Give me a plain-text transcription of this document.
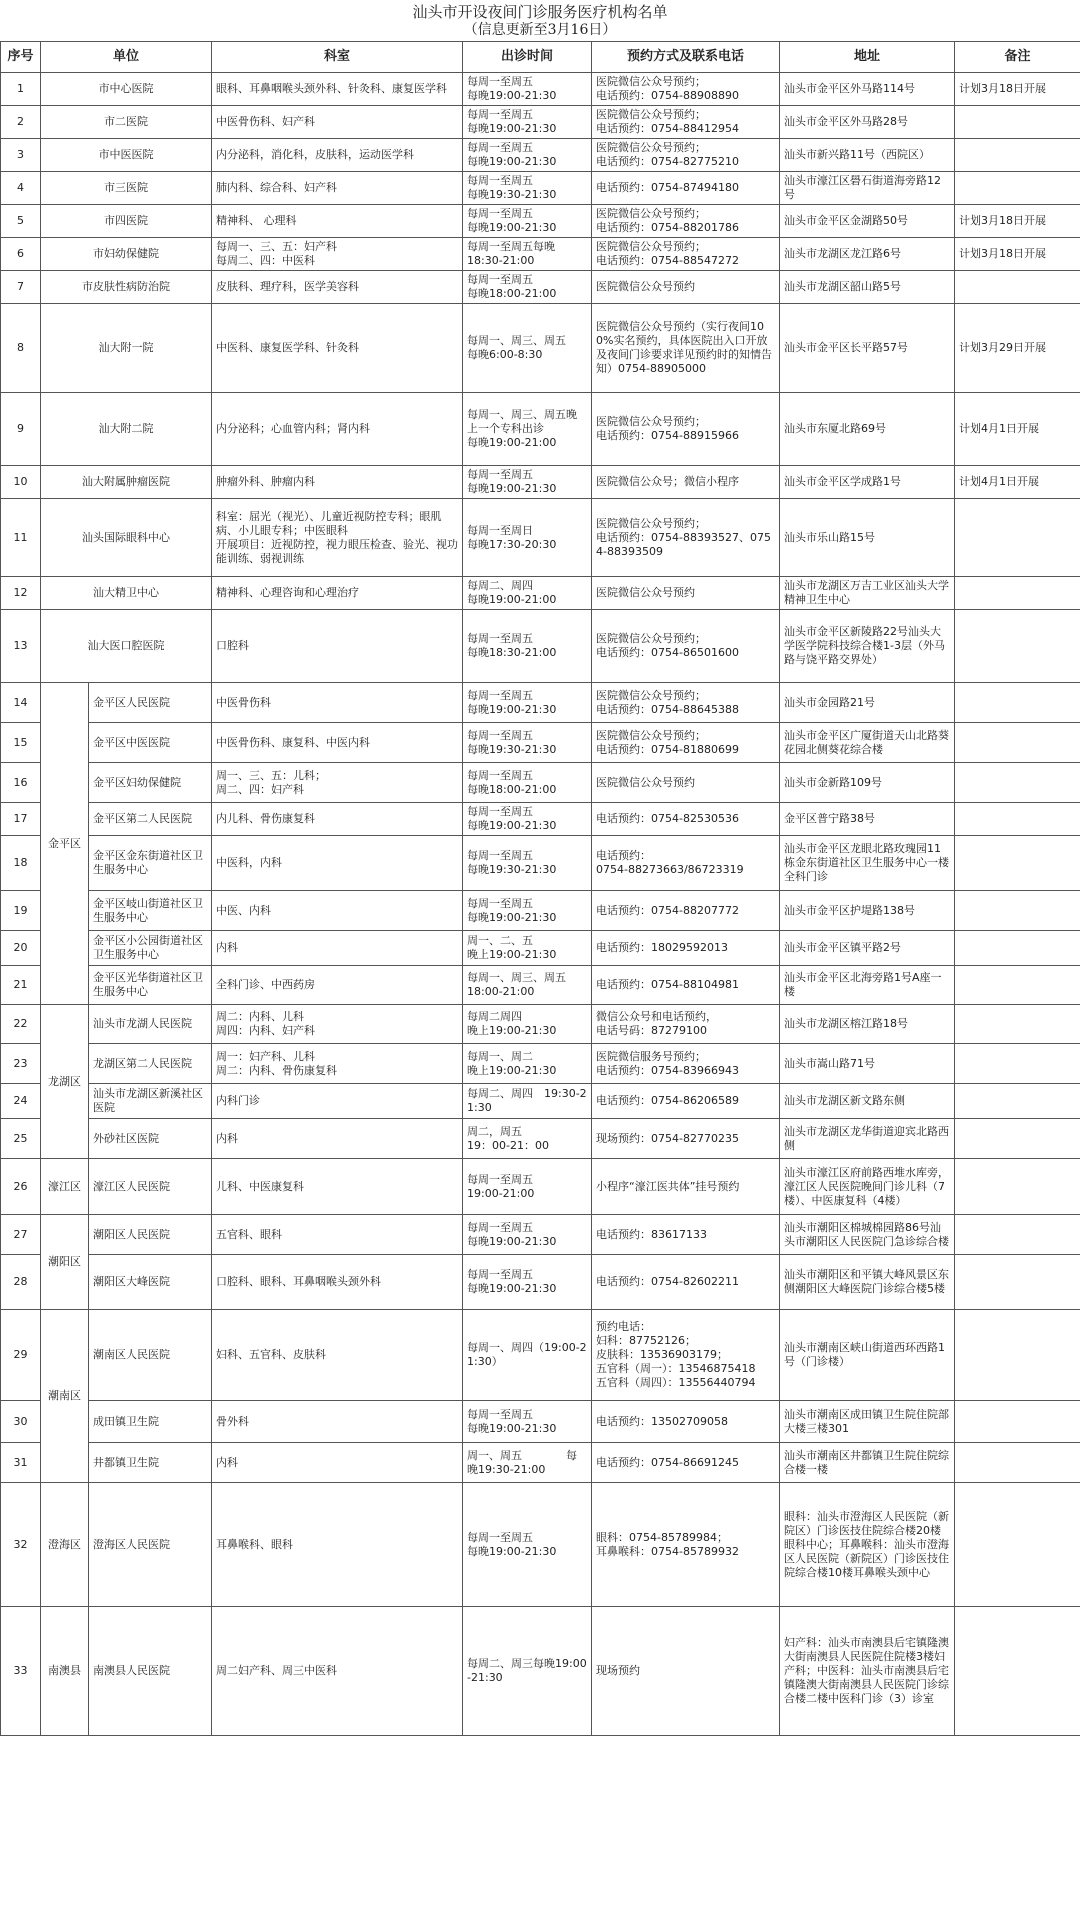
汕头市开设夜间门诊服务医疗机构名单
（信息更新至3月16日）
序号	单位		科室	出诊时间	预约方式及联系电话	地址	备注
1	市中心医院		眼科、耳鼻咽喉头颈外科、针灸科、康复医学科	每周一至周五
每晚19:00-21:30	医院微信公众号预约；
电话预约：0754-88908890	汕头市金平区外马路114号	计划3月18日开展
2	市二医院		中医骨伤科、妇产科	每周一至周五
每晚19:00-21:30	医院微信公众号预约；
电话预约：0754-88412954	汕头市金平区外马路28号	
3	市中医医院		内分泌科，消化科，皮肤科，运动医学科	每周一至周五
每晚19:00-21:30	医院微信公众号预约；
电话预约：0754-82775210	汕头市新兴路11号（西院区）	
4	市三医院		肺内科、综合科、妇产科	每周一至周五
每晚19:30-21:30	电话预约：0754-87494180	汕头市濠江区礐石街道海旁路12号	
5	市四医院		精神科、 心理科	每周一至周五
每晚19:00-21:30	医院微信公众号预约；
电话预约：0754-88201786	汕头市金平区金湖路50号	计划3月18日开展
6	市妇幼保健院		每周一、三、五：妇产科
每周二、四：中医科	每周一至周五每晚
18:30-21:00	医院微信公众号预约；
电话预约：0754-88547272	汕头市龙湖区龙江路6号	计划3月18日开展
7	市皮肤性病防治院		皮肤科、理疗科，医学美容科	每周一至周五
每晚18:00-21:00	医院微信公众号预约	汕头市龙湖区韶山路5号	
8	汕大附一院		中医科、康复医学科、针灸科	每周一、周三、周五
每晚6:00-8:30	医院微信公众号预约（实行夜间100%实名预约，具体医院出入口开放及夜间门诊要求详见预约时的知情告知）0754-88905000	汕头市金平区长平路57号	计划3月29日开展
9	汕大附二院		内分泌科；心血管内科；肾内科	每周一、周三、周五晚上一个专科出诊
每晚19:00-21:00	医院微信公众号预约；
电话预约：0754-88915966	汕头市东厦北路69号	计划4月1日开展
10	汕大附属肿瘤医院		肿瘤外科、肿瘤内科	每周一至周五
每晚19:00-21:30	医院微信公众号；微信小程序	汕头市金平区学成路1号	计划4月1日开展
11	汕头国际眼科中心		科室：屈光（视光）、儿童近视防控专科；眼肌病、小儿眼专科；中医眼科
开展项目：近视防控，视力眼压检查、验光、视功能训练、弱视训练	每周一至周日
每晚17:30-20:30	医院微信公众号预约；
电话预约：0754-88393527、0754-88393509	汕头市乐山路15号	
12	汕大精卫中心		精神科、心理咨询和心理治疗	每周二、周四
每晚19:00-21:00	医院微信公众号预约	汕头市龙湖区万吉工业区汕头大学精神卫生中心	
13	汕大医口腔医院		口腔科	每周一至周五
每晚18:30-21:00	医院微信公众号预约；
电话预约：0754-86501600	汕头市金平区新陵路22号汕头大学医学院科技综合楼1-3层（外马路与饶平路交界处）	
14	金平区	金平区人民医院	中医骨伤科	每周一至周五
每晚19:00-21:30	医院微信公众号预约；
电话预约：0754-88645388	汕头市金园路21号	
15		金平区中医医院	中医骨伤科、康复科、中医内科	每周一至周五
每晚19:30-21:30	医院微信公众号预约；
电话预约：0754-81880699	汕头市金平区广厦街道天山北路葵花园北侧葵花综合楼	
16		金平区妇幼保健院	周一、三、五：儿科；
周二、四：妇产科	每周一至周五
每晚18:00-21:00	医院微信公众号预约	汕头市金新路109号	
17		金平区第二人民医院	内儿科、骨伤康复科	每周一至周五
每晚19:00-21:30	电话预约：0754-82530536	金平区普宁路38号	
18		金平区金东街道社区卫生服务中心	中医科，内科	每周一至周五
每晚19:30-21:30	电话预约：
0754-88273663/86723319	汕头市金平区龙眼北路玫瑰园11栋金东街道社区卫生服务中心一楼全科门诊	
19		金平区岐山街道社区卫生服务中心	中医、内科	每周一至周五
每晚19:00-21:30	电话预约：0754-88207772	汕头市金平区护堤路138号	
20		金平区小公园街道社区卫生服务中心	内科	周一、二、五
晚上19:00-21:30	电话预约：18029592013	汕头市金平区镇平路2号	
21		金平区光华街道社区卫生服务中心	全科门诊、中西药房	每周一、周三、周五
18:00-21:00	电话预约：0754-88104981	汕头市金平区北海旁路1号A座一楼	
22	龙湖区	汕头市龙湖人民医院	周二：内科、儿科
周四：内科、妇产科	每周二周四
晚上19:00-21:30	微信公众号和电话预约，
电话号码：87279100	汕头市龙湖区榕江路18号	
23		龙湖区第二人民医院	周一：妇产科、儿科
周二：内科、骨伤康复科	每周一、周二
晚上19:00-21:30	医院微信服务号预约；
电话预约：0754-83966943	汕头市嵩山路71号	
24		汕头市龙湖区新溪社区医院	内科门诊	每周二、周四　19:30-21:30	电话预约：0754-86206589	汕头市龙湖区新文路东侧	
25		外砂社区医院	内科	周二，周五
19：00-21：00	现场预约：0754-82770235	汕头市龙湖区龙华街道迎宾北路西侧	
26	濠江区	濠江区人民医院	儿科、中医康复科	每周一至周五
19:00-21:00	小程序“濠江医共体”挂号预约	汕头市濠江区府前路西堆水库旁，濠江区人民医院晚间门诊儿科（7楼）、中医康复科（4楼）	
27	潮阳区	潮阳区人民医院	五官科、眼科	每周一至周五
每晚19:00-21:30	电话预约：83617133	汕头市潮阳区棉城棉园路86号汕头市潮阳区人民医院门急诊综合楼	
28		潮阳区大峰医院	口腔科、眼科、耳鼻咽喉头颈外科	每周一至周五
每晚19:00-21:30	电话预约：0754-82602211	汕头市潮阳区和平镇大峰风景区东侧潮阳区大峰医院门诊综合楼5楼	
29	潮南区	潮南区人民医院	妇科、五官科、皮肤科	每周一、周四（19:00-21:30）	预约电话：
妇科：87752126；
皮肤科：13536903179；
五官科（周一）：13546875418
五官科（周四）：13556440794	汕头市潮南区峡山街道西环西路1号（门诊楼）	
30		成田镇卫生院	骨外科	每周一至周五
每晚19:00-21:30	电话预约：13502709058	汕头市潮南区成田镇卫生院住院部大楼三楼301	
31		井都镇卫生院	内科	周一、周五　　　　每晚19:30-21:00	电话预约：0754-86691245	汕头市潮南区井都镇卫生院住院综合楼一楼	
32	澄海区	澄海区人民医院	耳鼻喉科、眼科	每周一至周五
每晚19:00-21:30	眼科：0754-85789984；
耳鼻喉科：0754-85789932	眼科：汕头市澄海区人民医院（新院区）门诊医技住院综合楼20楼眼科中心；耳鼻喉科：汕头市澄海区人民医院（新院区）门诊医技住院综合楼10楼耳鼻喉头颈中心	
33	南澳县	南澳县人民医院	周二妇产科、周三中医科	每周二、周三每晚19:00-21:30	现场预约	妇产科：汕头市南澳县后宅镇隆澳大街南澳县人民医院住院楼3楼妇产科；中医科：汕头市南澳县后宅镇隆澳大街南澳县人民医院门诊综合楼二楼中医科门诊（3）诊室	
